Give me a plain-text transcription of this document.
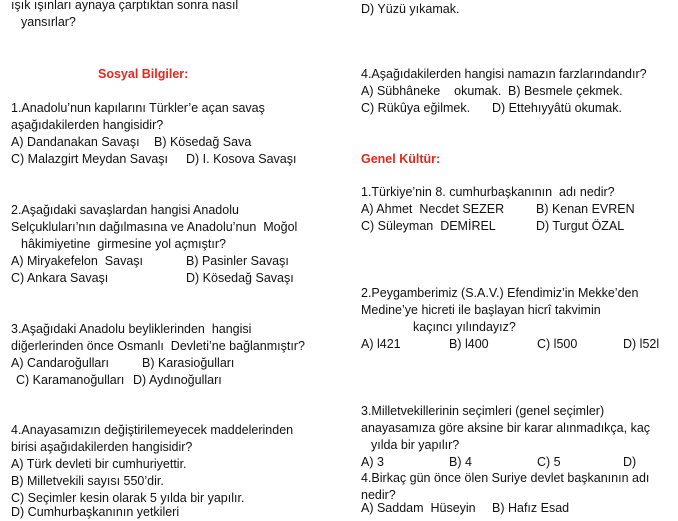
ışık ışınları aynaya çarptıktan sonra nasıl
yansırlar?
Sosyal Bilgiler:
1.Anadolu’nun kapılarını Türkler’e açan savaş
aşağıdakilerden hangisidir?
A) Dandanakan Savaşı B) Kösedağ Sava
C) Malazgirt Meydan Savaşı D) I. Kosova Savaşı
2.Aşağıdaki savaşlardan hangisi Anadolu
Selçukluları’nın dağılmasına ve Anadolu’nun  Moğol
hâkimiyetine  girmesine yol açmıştır?
A) Miryakefelon  Savaşı	B) Pasinler Savaşı
C) Ankara Savaşı	D) Kösedağ Savaşı
3.Aşağıdaki Anadolu beyliklerinden  hangisi
diğerlerinden önce Osmanlı  Devleti’ne bağlanmıştır?
A) Candaroğulları	B) Karasioğulları
C) Karamanoğulları D) Aydınoğulları
4.Anayasamızın değiştirilemeyecek maddelerinden
birisi aşağıdakilerden hangisidir?
A) Türk devleti bir cumhuriyettir.
B) Milletvekili sayısı 550’dir.
C) Seçimler kesin olarak 5 yılda bir yapılır.
D) Cumhurbaşkanının yetkileri
D) Yüzü yıkamak.
4.Aşağıdakilerden hangisi namazın farzlarındandır?
A) Sübhâneke    okumak. B) Besmele çekmek.
C) Rükûya eğilmek. D) Ettehıyyâtü okumak.
Genel Kültür:
1.Türkiye’nin 8. cumhurbaşkanının  adı nedir?
A) Ahmet  Necdet SEZER	B) Kenan EVREN
C) Süleyman  DEMİREL	D) Turgut ÖZAL
2.Peygamberimiz (S.A.V.) Efendimiz’in Mekke’den
Medine’ye hicreti ile başlayan hicrî takvimin
kaçıncı yılındayız?
A) l421	B) l400	C) l500	D) l52l
3.Milletvekillerinin seçimleri (genel seçimler)
anayasamıza göre aksine bir karar alınmadıkça, kaç
yılda bir yapılır?
A) 3	B) 4	C) 5	D)
4.Birkaç gün önce ölen Suriye devlet başkanının adı
nedir?
A) Saddam  Hüseyin B) Hafız Esad
